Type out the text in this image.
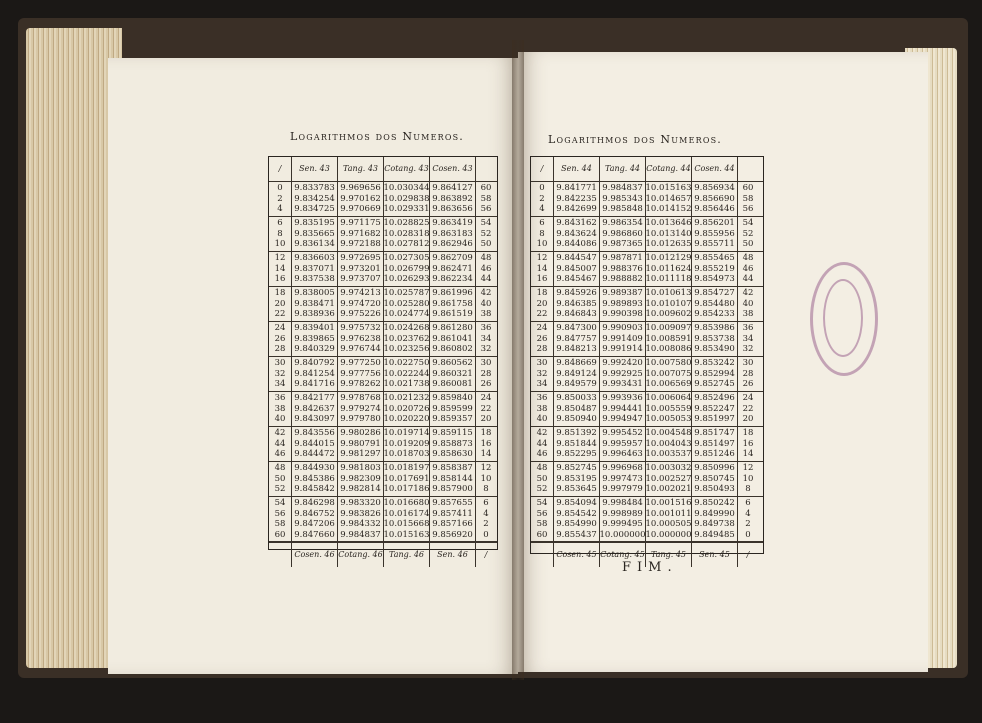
Logarithmos dos Numeros.	Logarithmos dos Numeros.
/ Sen. 43 Tang. 43 Cotang. 43 Cosen. 43
0
2
4
9.833783
9.834254
9.834725
9.969656
9.970162
9.970669
10.030344
10.029838
10.029331
9.864127
9.863892
9.863656
60
58
56
6
8
10
9.835195
9.835665
9.836134
9.971175
9.971682
9.972188
10.028825
10.028318
10.027812
9.863419
9.863183
9.862946
54
52
50
12
14
16
9.836603
9.837071
9.837538
9.972695
9.973201
9.973707
10.027305
10.026799
10.026293
9.862709
9.862471
9.862234
48
46
44
18
20
22
9.838005
9.838471
9.838936
9.974213
9.974720
9.975226
10.025787
10.025280
10.024774
9.861996
9.861758
9.861519
42
40
38
24
26
28
9.839401
9.839865
9.840329
9.975732
9.976238
9.976744
10.024268
10.023762
10.023256
9.861280
9.861041
9.860802
36
34
32
30
32
34
9.840792
9.841254
9.841716
9.977250
9.977756
9.978262
10.022750
10.022244
10.021738
9.860562
9.860321
9.860081
30
28
26
36
38
40
9.842177
9.842637
9.843097
9.978768
9.979274
9.979780
10.021232
10.020726
10.020220
9.859840
9.859599
9.859357
24
22
20
42
44
46
9.843556
9.844015
9.844472
9.980286
9.980791
9.981297
10.019714
10.019209
10.018703
9.859115
9.858873
9.858630
18
16
14
48
50
52
9.844930
9.845386
9.845842
9.981803
9.982309
9.982814
10.018197
10.017691
10.017186
9.858387
9.858144
9.857900
12
10
8
54
56
58
60
9.846298
9.846752
9.847206
9.847660
9.983320
9.983826
9.984332
9.984837
10.016680
10.016174
10.015668
10.015163
9.857655
9.857411
9.857166
9.856920
6
4
2
0
Cosen. 46 Cotang. 46 Tang. 46 Sen. 46 /
/ Sen. 44 Tang. 44 Cotang. 44 Cosen. 44
0
2
4
9.841771
9.842235
9.842699
9.984837
9.985343
9.985848
10.015163
10.014657
10.014152
9.856934
9.856690
9.856446
60
58
56
6
8
10
9.843162
9.843624
9.844086
9.986354
9.986860
9.987365
10.013646
10.013140
10.012635
9.856201
9.855956
9.855711
54
52
50
12
14
16
9.844547
9.845007
9.845467
9.987871
9.988376
9.988882
10.012129
10.011624
10.011118
9.855465
9.855219
9.854973
48
46
44
18
20
22
9.845926
9.846385
9.846843
9.989387
9.989893
9.990398
10.010613
10.010107
10.009602
9.854727
9.854480
9.854233
42
40
38
24
26
28
9.847300
9.847757
9.848213
9.990903
9.991409
9.991914
10.009097
10.008591
10.008086
9.853986
9.853738
9.853490
36
34
32
30
32
34
9.848669
9.849124
9.849579
9.992420
9.992925
9.993431
10.007580
10.007075
10.006569
9.853242
9.852994
9.852745
30
28
26
36
38
40
9.850033
9.850487
9.850940
9.993936
9.994441
9.994947
10.006064
10.005559
10.005053
9.852496
9.852247
9.851997
24
22
20
42
44
46
9.851392
9.851844
9.852295
9.995452
9.995957
9.996463
10.004548
10.004043
10.003537
9.851747
9.851497
9.851246
18
16
14
48
50
52
9.852745
9.853195
9.853645
9.996968
9.997473
9.997979
10.003032
10.002527
10.002021
9.850996
9.850745
9.850493
12
10
8
54
56
58
60
9.854094
9.854542
9.854990
9.855437
9.998484
9.998989
9.999495
10.000000
10.001516
10.001011
10.000505
10.000000
9.850242
9.849990
9.849738
9.849485
6
4
2
0
Cosen. 45 Cotang. 45 Tang. 45 Sen. 45 /
FIM.
